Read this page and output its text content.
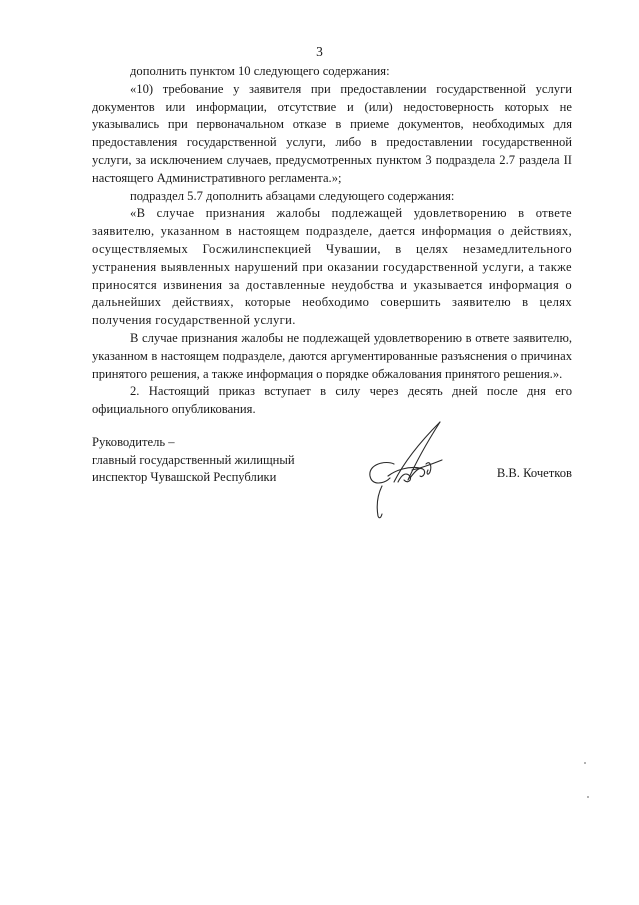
3

дополнить пунктом 10 следующего содержания:

«10) требование у заявителя при предоставлении государственной услуги документов или информации, отсутствие и (или) недостоверность которых не указывались при первоначальном отказе в приеме документов, необходимых для предоставления государственной услуги, либо в предоставлении государственной услуги, за исключением случаев, предусмотренных пунктом 3 подраздела 2.7 раздела II настоящего Административного регламента.»;

подраздел 5.7 дополнить абзацами следующего содержания:

«В случае признания жалобы подлежащей удовлетворению в ответе заявителю, указанном в настоящем подразделе, дается информация о действиях, осуществляемых Госжилинспекцией Чувашии, в целях незамедлительного устранения выявленных нарушений при оказании государственной услуги, а также приносятся извинения за доставленные неудобства и указывается информация о дальнейших действиях, которые необходимо совершить заявителю в целях получения государственной услуги.

В случае признания жалобы не подлежащей удовлетворению в ответе заявителю, указанном в настоящем подразделе, даются аргументированные разъяснения о причинах принятого решения, а также информация о порядке обжалования принятого решения.».

2. Настоящий приказ вступает в силу через десять дней после дня его официального опубликования.

Руководитель –
главный государственный жилищный
инспектор Чувашской Республики	В.В. Кочетков
